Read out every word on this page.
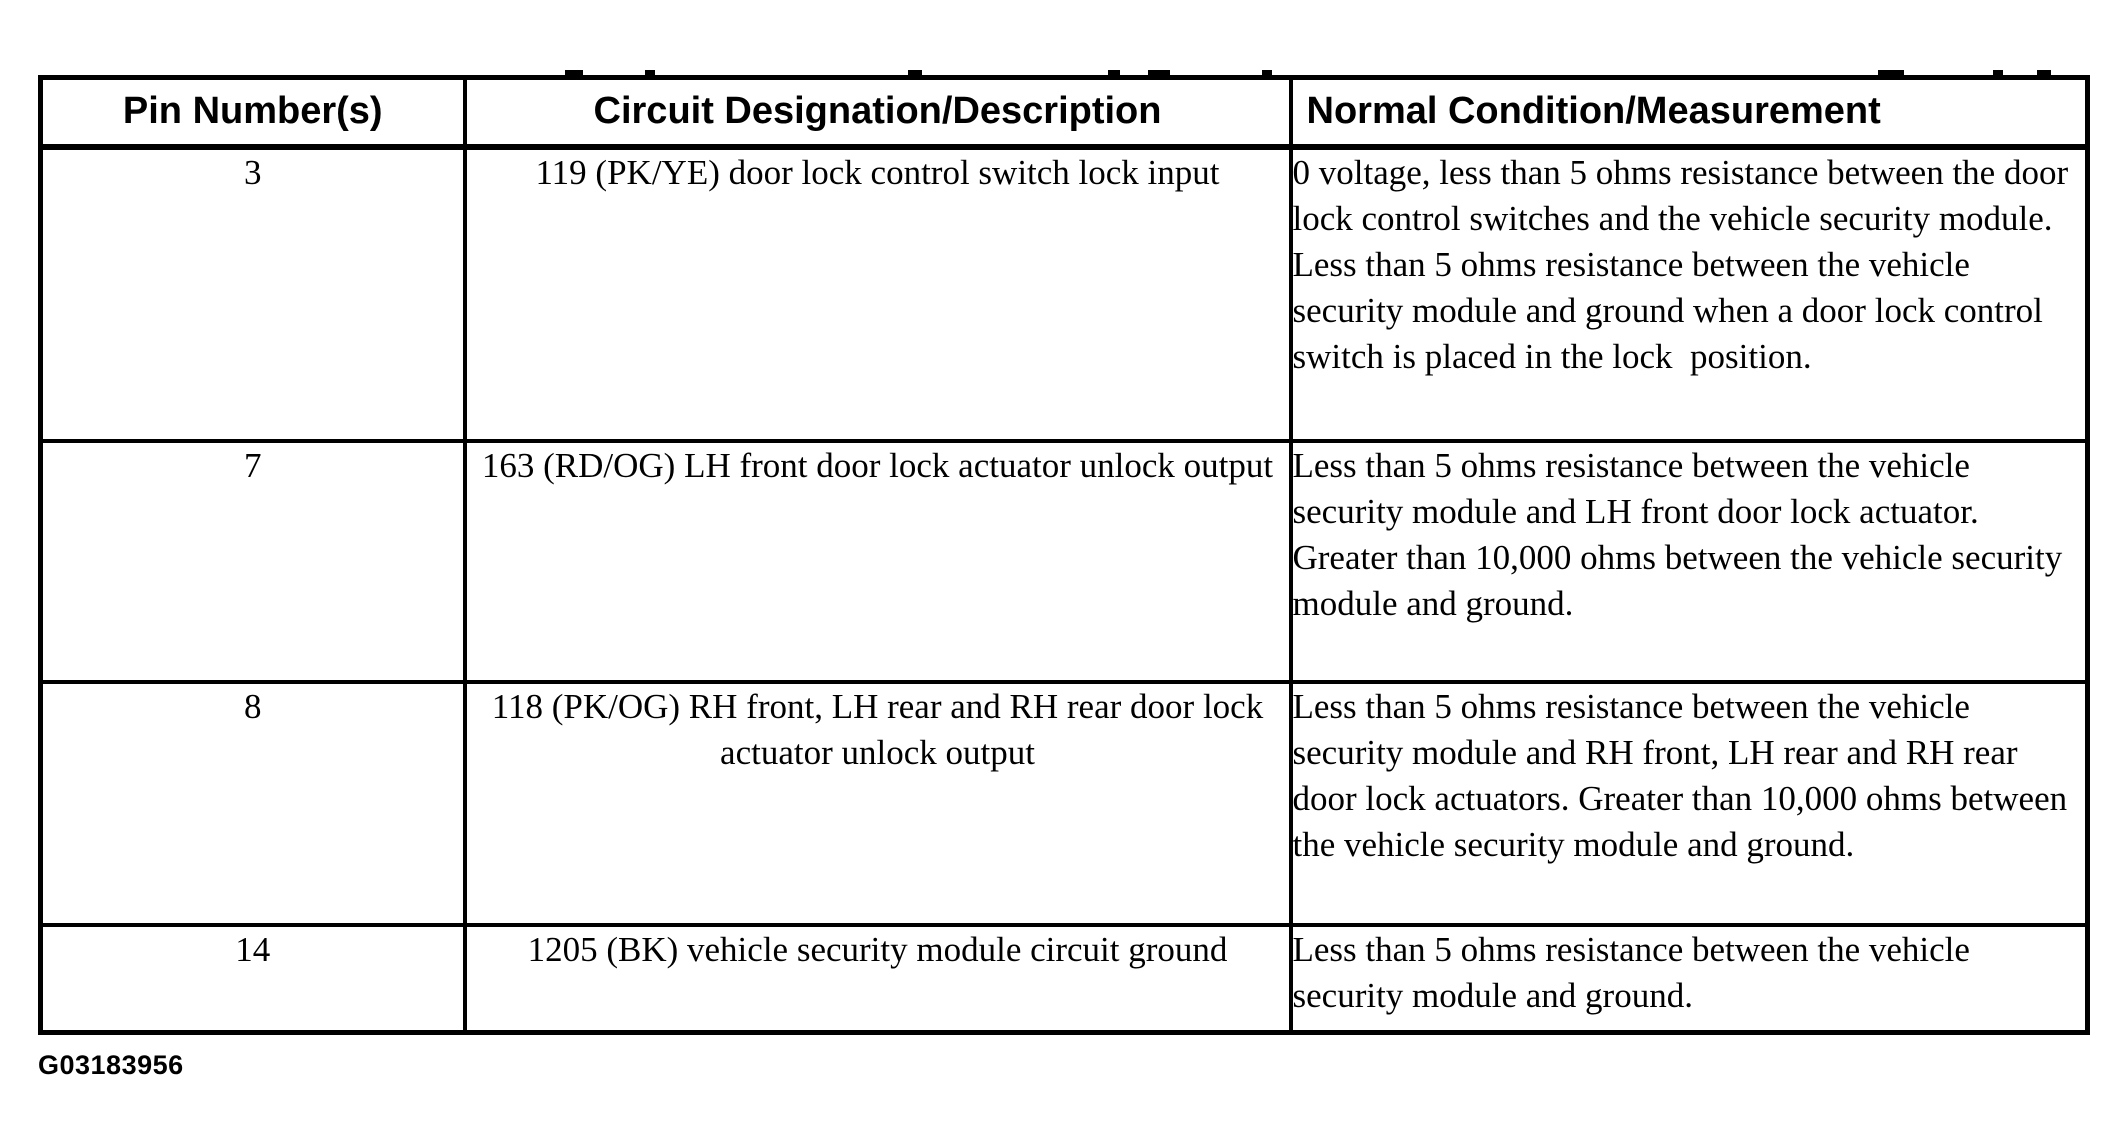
Pin Number(s)	Circuit Designation/Description	Normal Condition/Measurement
3	119 (PK/YE) door lock control switch lock input	0 voltage, less than 5 ohms resistance between the door lock control switches and the vehicle security module. Less than 5 ohms resistance between the vehicle security module and ground when a door lock control switch is placed in the lock  position.
7	163 (RD/OG) LH front door lock actuator unlock output	Less than 5 ohms resistance between the vehicle security module and LH front door lock actuator. Greater than 10,000 ohms between the vehicle security module and ground.
8	118 (PK/OG) RH front, LH rear and RH rear door lock actuator unlock output	Less than 5 ohms resistance between the vehicle security module and RH front, LH rear and RH rear door lock actuators. Greater than 10,000 ohms between the vehicle security module and ground.
14	1205 (BK) vehicle security module circuit ground	Less than 5 ohms resistance between the vehicle security module and ground.
G03183956
